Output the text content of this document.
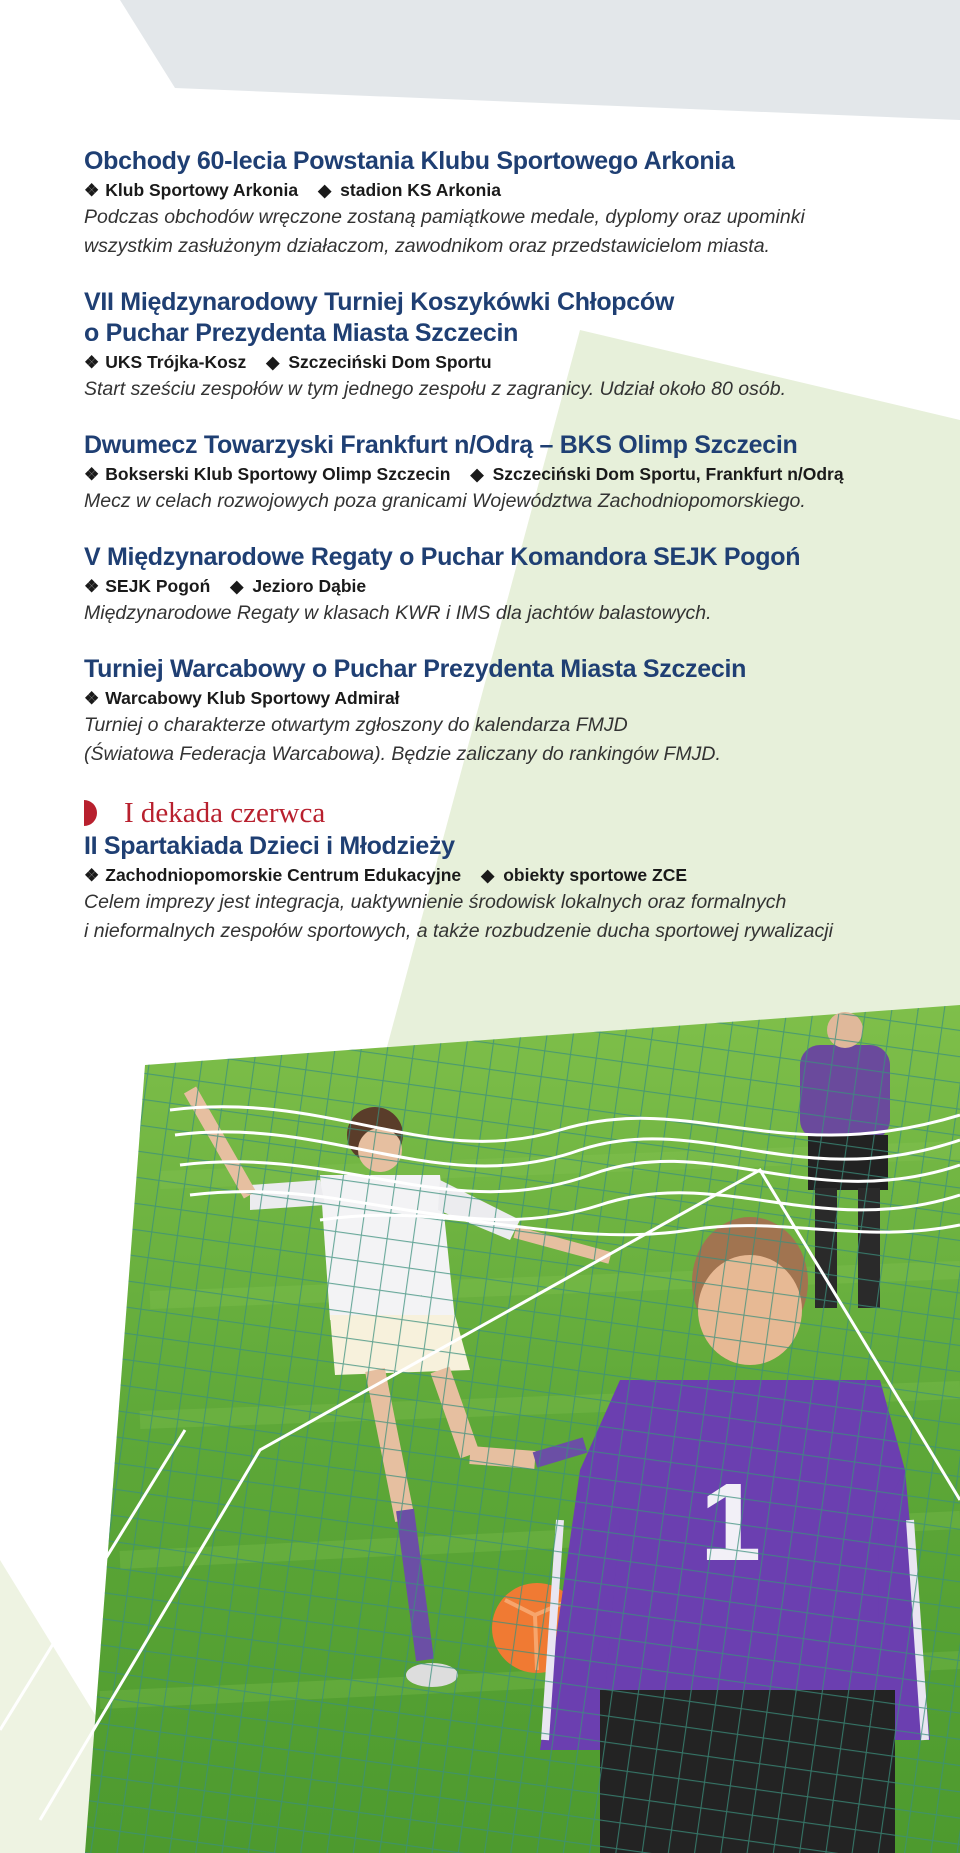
Obchody 60-lecia Powstania Klubu Sportowego Arkonia
❖ Klub Sportowy Arkonia ◆ stadion KS Arkonia
Podczas obchodów wręczone zostaną pamiątkowe medale, dyplomy oraz upominki
wszystkim zasłużonym działaczom, zawodnikom oraz przedstawicielom miasta.
VII Międzynarodowy Turniej Koszykówki Chłopców
o Puchar Prezydenta Miasta Szczecin
❖ UKS Trójka-Kosz ◆ Szczeciński Dom Sportu
Start sześciu zespołów w tym jednego zespołu z zagranicy. Udział około 80 osób.
Dwumecz Towarzyski Frankfurt n/Odrą – BKS Olimp Szczecin
❖ Bokserski Klub Sportowy Olimp Szczecin ◆ Szczeciński Dom Sportu, Frankfurt n/Odrą
Mecz w celach rozwojowych poza granicami Województwa Zachodniopomorskiego.
V Międzynarodowe Regaty o Puchar Komandora SEJK Pogoń
❖ SEJK Pogoń ◆ Jezioro Dąbie
Międzynarodowe Regaty w klasach KWR i IMS dla jachtów balastowych.
Turniej Warcabowy o Puchar Prezydenta Miasta Szczecin
❖ Warcabowy Klub Sportowy Admirał
Turniej o charakterze otwartym zgłoszony do kalendarza FMJD
(Światowa Federacja Warcabowa). Będzie zaliczany do rankingów FMJD.
I dekada czerwca
II Spartakiada Dzieci i Młodzieży
❖ Zachodniopomorskie Centrum Edukacyjne ◆ obiekty sportowe ZCE
Celem imprezy jest integracja, uaktywnienie środowisk lokalnych oraz formalnych
i nieformalnych zespołów sportowych, a także rozbudzenie ducha sportowej rywalizacji
